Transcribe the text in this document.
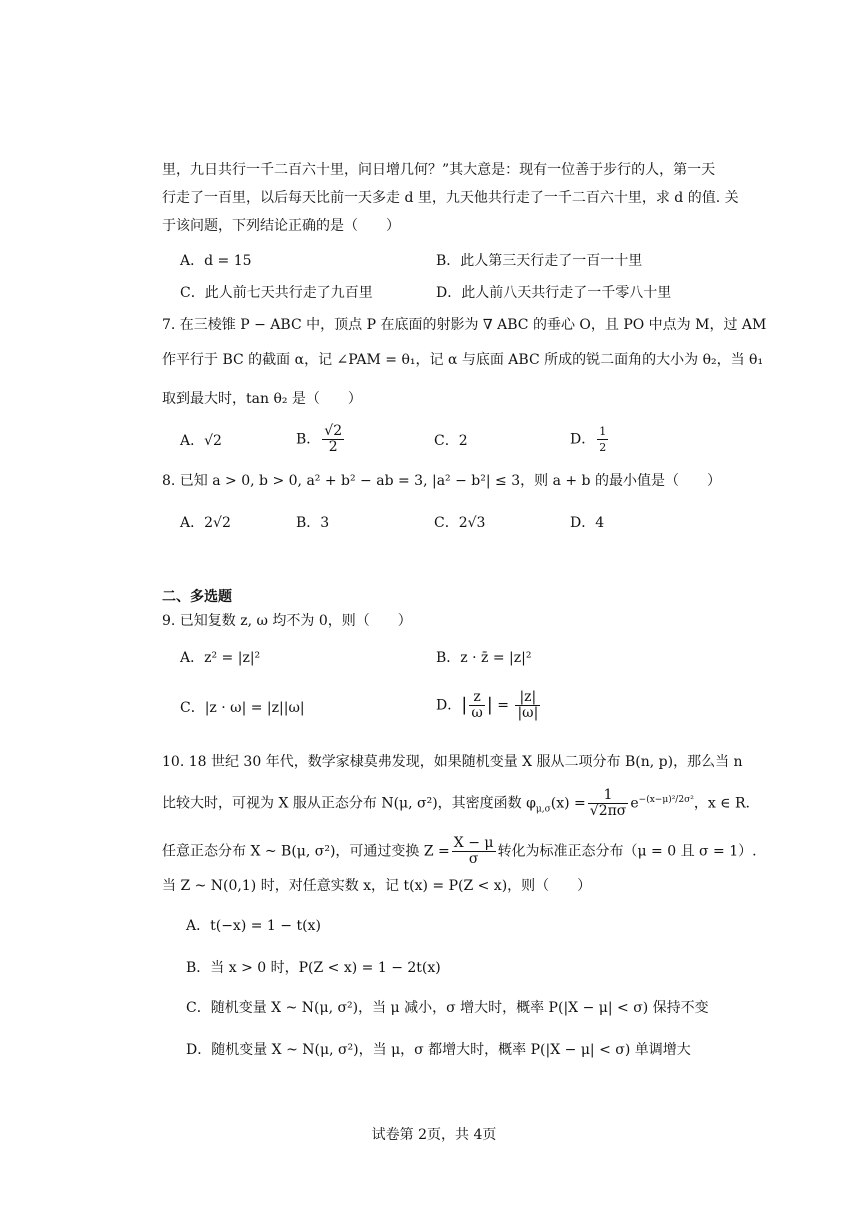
里，九日共行一千二百六十里，问日增几何？”其大意是：现有一位善于步行的人，第一天
行走了一百里，以后每天比前一天多走 d 里，九天他共行走了一千二百六十里，求 d 的值. 关
于该问题，下列结论正确的是（　　）
A．d = 15	B．此人第三天行走了一百一十里
C．此人前七天共行走了九百里	D．此人前八天共行走了一千零八十里
7. 在三棱锥 P − ABC 中，顶点 P 在底面的射影为 ∇ ABC 的垂心 O，且 PO 中点为 M，过 AM
作平行于 BC 的截面 α，记 ∠PAM = θ₁，记 α 与底面 ABC 所成的锐二面角的大小为 θ₂，当 θ₁
取到最大时，tan θ₂ 是（　　）
A．√2	B． $\frac{√2}{2}$	C．2	D． $\frac{1}{2}$
8. 已知 a > 0, b > 0, a² + b² − ab = 3, |a² − b²| ≤ 3，则 a + b 的最小值是（　　）
A．2√2	B．3	C．2√3	D．4
二、多选题
9. 已知复数 z, ω 均不为 0，则（　　）
A．z² = |z|²	B．z · z̄ = |z|²
C．|z · ω| = |z||ω|	D．| $\frac{z}{\omega}$ | = $\frac{|z|}{|\omega|}$
10. 18 世纪 30 年代，数学家棣莫弗发现，如果随机变量 X 服从二项分布 B(n, p)，那么当 n
比较大时，可视为 X 服从正态分布 N(μ, σ²)，其密度函数 $\varphi_{\mu,\sigma}(x) = \frac{1}{√2\pi\sigma} e^{-(x-\mu)^2/2\sigma^2}$，x ∈ R.
任意正态分布 X ~ B(μ, σ²)，可通过变换 $Z = \frac{X - \mu}{\sigma}$ 转化为标准正态分布（μ = 0 且 σ = 1）.
当 Z ~ N(0,1) 时，对任意实数 x，记 t(x) = P(Z < x)，则（　　）
A．t(−x) = 1 − t(x)
B．当 x > 0 时，P(Z < x) = 1 − 2t(x)
C．随机变量 X ~ N(μ, σ²)，当 μ 减小，σ 增大时，概率 P(|X − μ| < σ) 保持不变
D．随机变量 X ~ N(μ, σ²)，当 μ，σ 都增大时，概率 P(|X − μ| < σ) 单调增大
试卷第 2页，共 4页
